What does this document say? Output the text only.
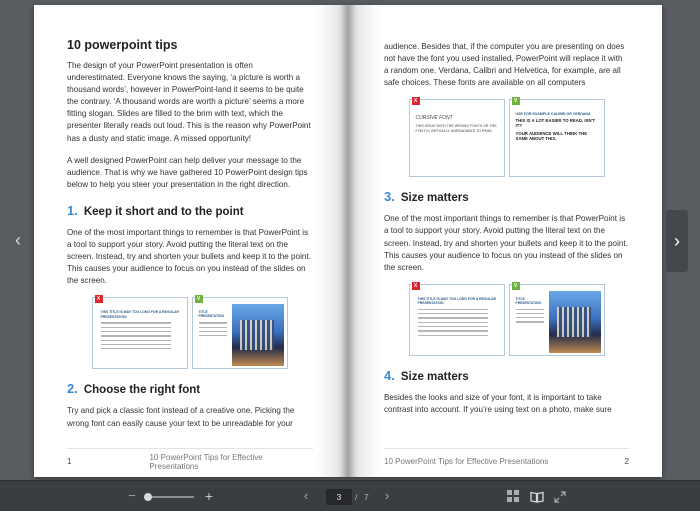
‹
10 powerpoint tips

The design of your PowerPoint presentation is often underestimated. Everyone knows the saying, ‘a picture is worth a thousand words’, however in PowerPoint-land it seems to be quite the contrary. ‘A thousand words are worth a picture’ seems a more fitting slogan. Slides are filled to the brim with text, which the presenter literally reads out loud. This is the reason why PowerPoint has a dusty and static image. A missed opportunity!

A well designed PowerPoint can help deliver your message to the audience. That is why we have gathered 10 PowerPoint design tips below to help you steer your presentation in the right direction.

1. Keep it short and to the point

One of the most important things to remember is that PowerPoint is a tool to support your story. Avoid putting the literal text on the screen. Instead, try and shorten your bullets and keep it to the point. This causes your audience to focus on you instead of the slides on the screen.

X
THIS TITLE IS WAY TOO LONG FOR A REGULAR PRESENTATION
V
TITLE PRESENTATION
2. Choose the right font

Try and pick a classic font instead of a creative one. Picking the wrong font can easily cause your text to be unreadable for your

1	10 PowerPoint Tips for Effective Presentations

audience. Besides that, if the computer you are presenting on does not have the font you used installed, PowerPoint will replace it with a random one. Verdana, Calibri and Helvetica, for example, are all safe choices. These fonts are available on all computers

X
CURSIVE FONT
THIS ISSUE WITH THE WRONG FONTS OR THE FONT IS VIRTUALLY UNREADABLE TO READ
V
USE FOR EXAMPLE CALIBRI OR VERDANA
THIS IS A LOT EASIER TO READ, ISN'T IT?
YOUR AUDIENCE WILL THINK THE SAME ABOUT THIS.
3. Size matters

One of the most important things to remember is that PowerPoint is a tool to support your story. Avoid putting the literal text on the screen. Instead, try and shorten your bullets and keep it to the point. This causes your audience to focus on you instead of the slides on the screen.

X
THIS TITLE IS WAY TOO LONG FOR A REGULAR PRESENTATION
V
TITLE PRESENTATION
4. Size matters

Besides the looks and size of your font, it is important to take contrast into account. If you’re using text on a photo, make sure

10 PowerPoint Tips for Effective Presentations	2
›
−	+	‹	3	/ 7 ›
